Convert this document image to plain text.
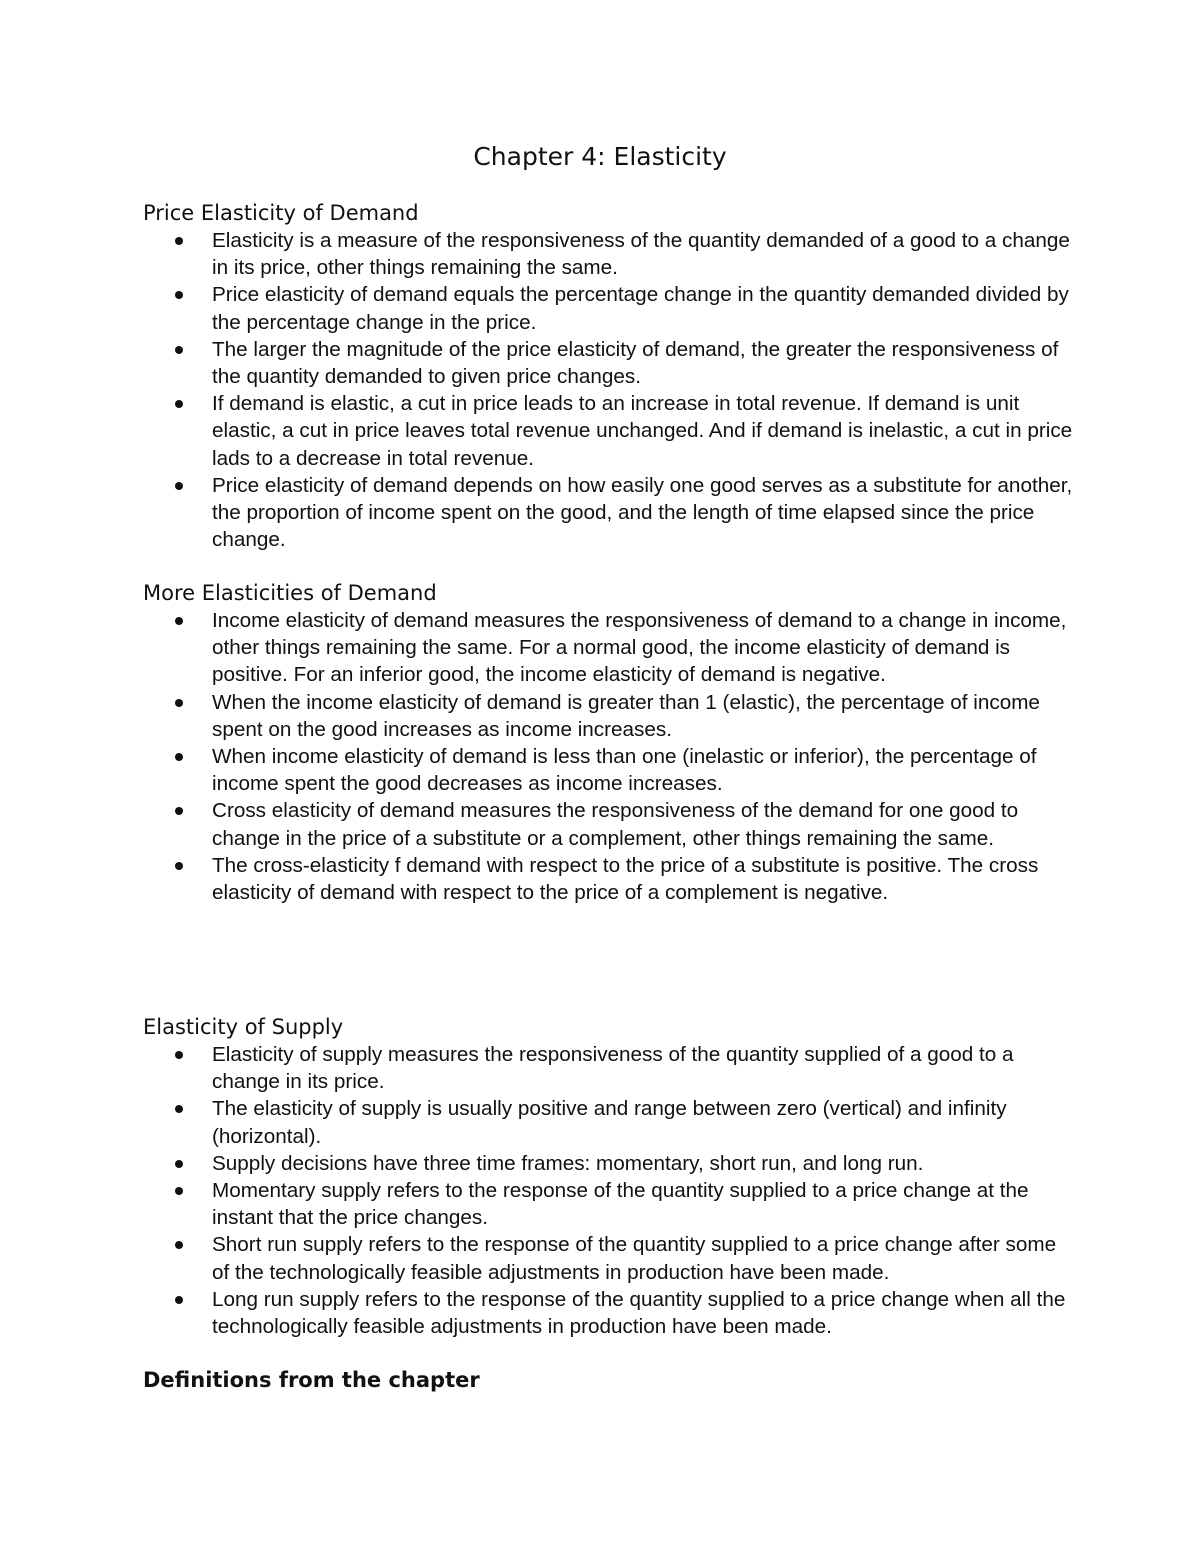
Chapter 4: Elasticity
Price Elasticity of Demand
Elasticity is a measure of the responsiveness of the quantity demanded of a good to a change in its price, other things remaining the same.
Price elasticity of demand equals the percentage change in the quantity demanded divided by the percentage change in the price.
The larger the magnitude of the price elasticity of demand, the greater the responsiveness of the quantity demanded to given price changes.
If demand is elastic, a cut in price leads to an increase in total revenue. If demand is unit elastic, a cut in price leaves total revenue unchanged. And if demand is inelastic, a cut in price lads to a decrease in total revenue.
Price elasticity of demand depends on how easily one good serves as a substitute for another, the proportion of income spent on the good, and the length of time elapsed since the price change.
More Elasticities of Demand
Income elasticity of demand measures the responsiveness of demand to a change in income, other things remaining the same. For a normal good, the income elasticity of demand is positive. For an inferior good, the income elasticity of demand is negative.
When the income elasticity of demand is greater than 1 (elastic), the percentage of income spent on the good increases as income increases.
When income elasticity of demand is less than one (inelastic or inferior), the percentage of income spent the good decreases as income increases.
Cross elasticity of demand measures the responsiveness of the demand for one good to change in the price of a substitute or a complement, other things remaining the same.
The cross-elasticity f demand with respect to the price of a substitute is positive. The cross elasticity of demand with respect to the price of a complement is negative.
Elasticity of Supply
Elasticity of supply measures the responsiveness of the quantity supplied of a good to a change in its price.
The elasticity of supply is usually positive and range between zero (vertical) and infinity (horizontal).
Supply decisions have three time frames: momentary, short run, and long run.
Momentary supply refers to the response of the quantity supplied to a price change at the instant that the price changes.
Short run supply refers to the response of the quantity supplied to a price change after some of the technologically feasible adjustments in production have been made.
Long run supply refers to the response of the quantity supplied to a price change when all the technologically feasible adjustments in production have been made.
Definitions from the chapter
